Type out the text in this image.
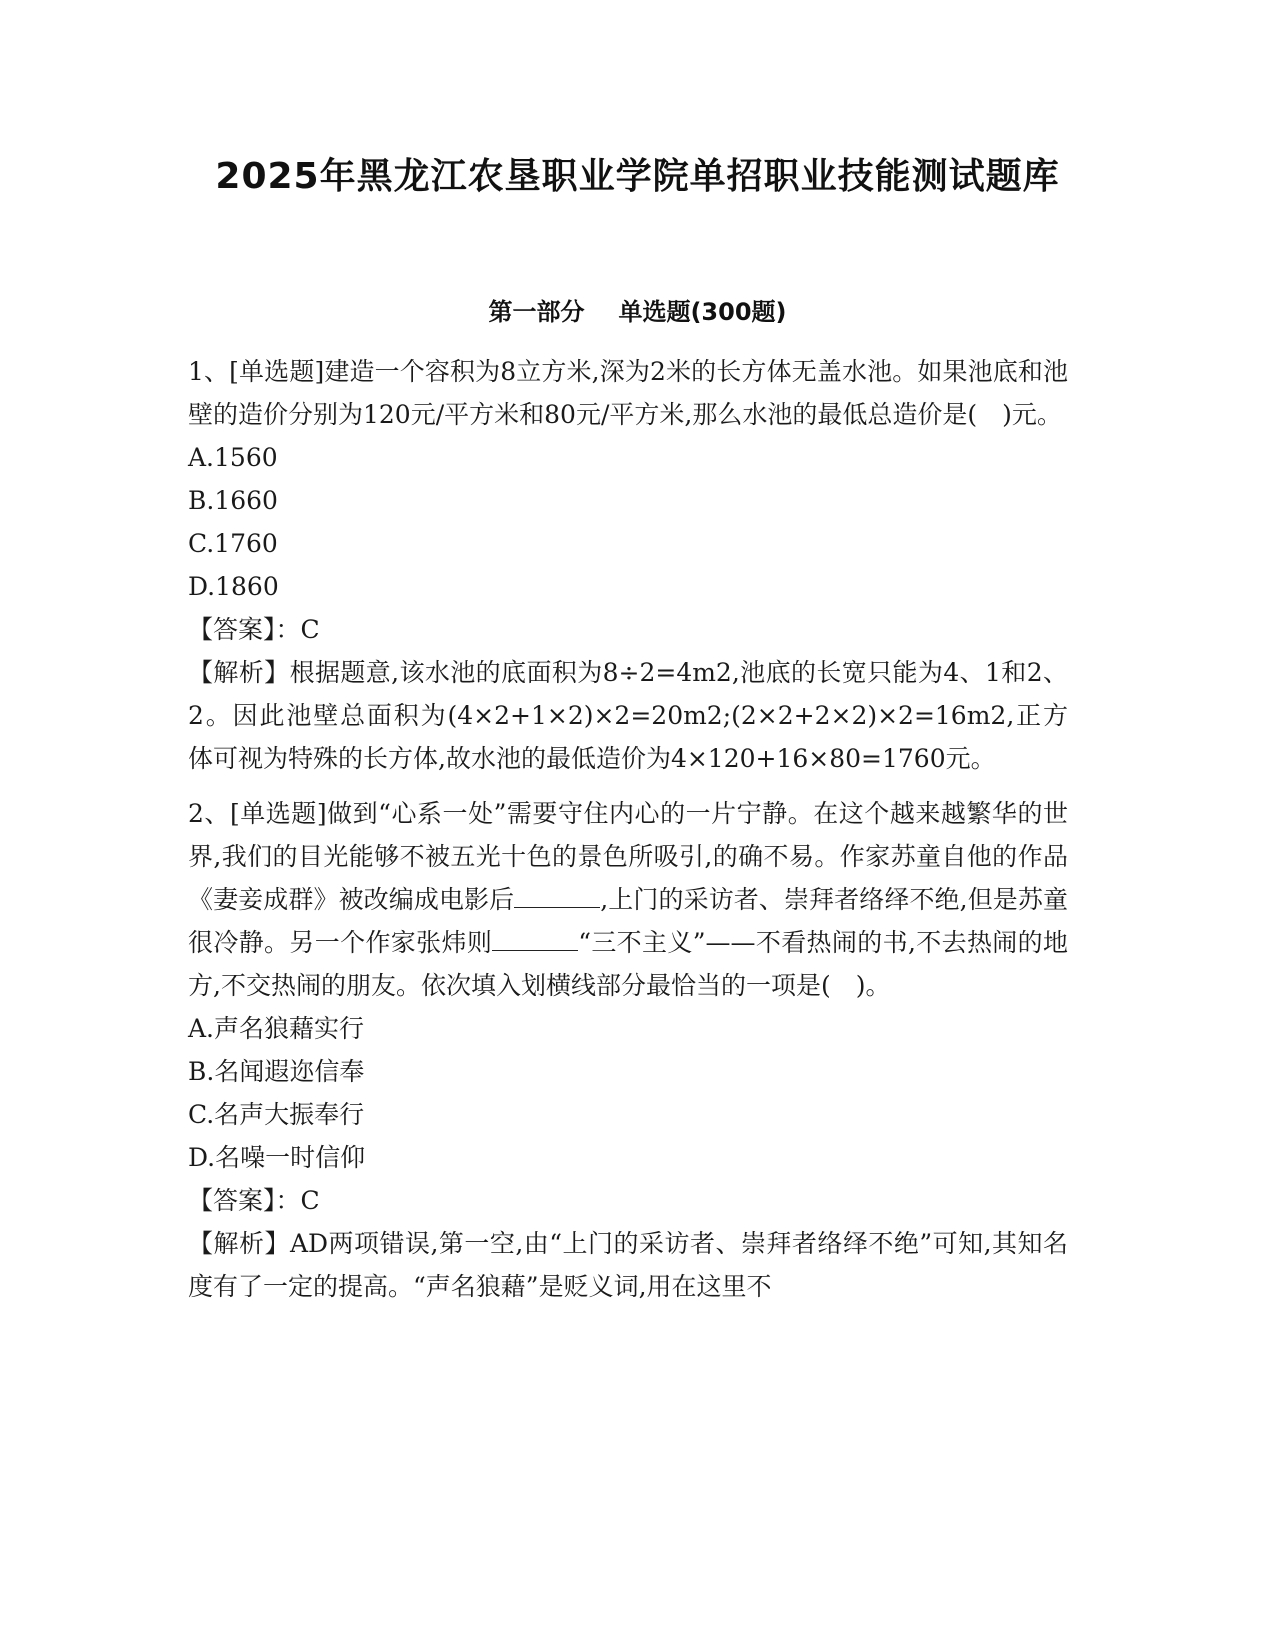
2025年黑龙江农垦职业学院单招职业技能测试题库
第一部分 单选题(300题)

1、[单选题]建造一个容积为8立方米,深为2米的长方体无盖水池。如果池底和池壁的造价分别为120元/平方米和80元/平方米,那么水池的最低总造价是(　)元。

A.1560

B.1660

C.1760

D.1860

【答案】：C

【解析】根据题意,该水池的底面积为8÷2=4m2,池底的长宽只能为4、1和2、2。因此池壁总面积为(4×2+1×2)×2=20m2;(2×2+2×2)×2=16m2,正方体可视为特殊的长方体,故水池的最低造价为4×120+16×80=1760元。

2、[单选题]做到“心系一处”需要守住内心的一片宁静。在这个越来越繁华的世界,我们的目光能够不被五光十色的景色所吸引,的确不易。作家苏童自他的作品《妻妾成群》被改编成电影后	,上门的采访者、崇拜者络绎不绝,但是苏童很冷静。另一个作家张炜则	“三不主义”——不看热闹的书,不去热闹的地方,不交热闹的朋友。依次填入划横线部分最恰当的一项是(　)。

A.声名狼藉实行

B.名闻遐迩信奉

C.名声大振奉行

D.名噪一时信仰

【答案】：C

【解析】AD两项错误,第一空,由“上门的采访者、崇拜者络绎不绝”可知,其知名度有了一定的提高。“声名狼藉”是贬义词,用在这里不
